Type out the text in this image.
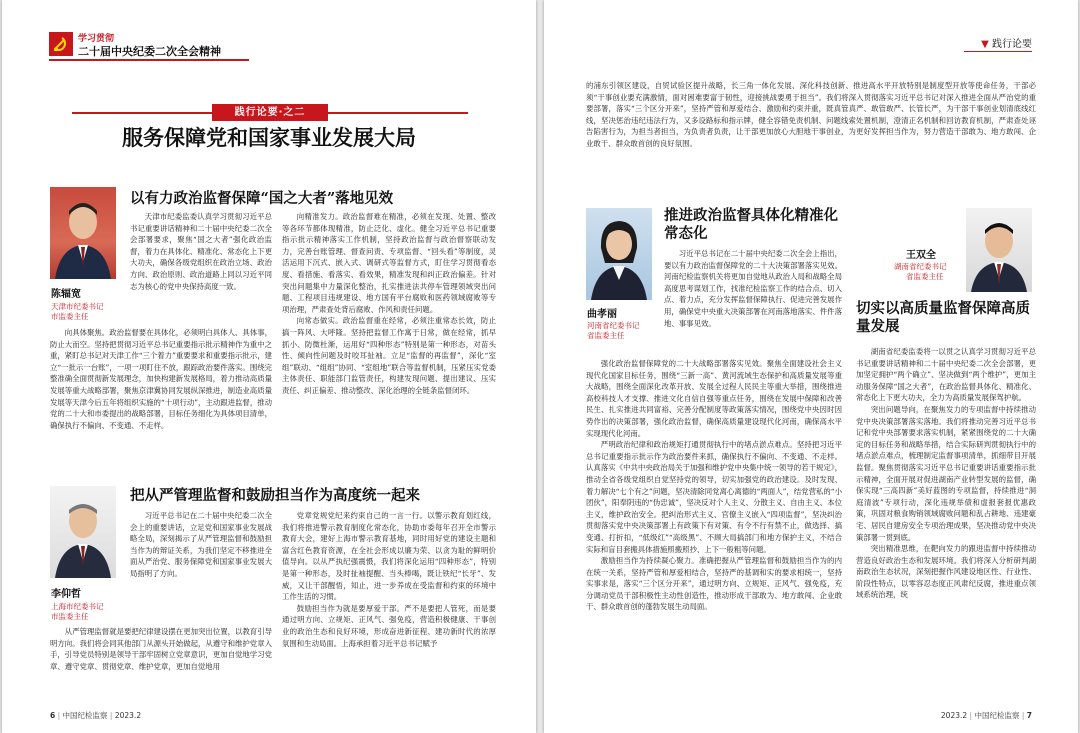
学习贯彻
二十届中央纪委二次全会精神
践行论要·之二
服务保障党和国家事业发展大局
陈辐宽
天津市纪委书记
市监委主任
以有力政治监督保障“国之大者”落地见效

天津市纪委监委认真学习贯彻习近平总书记重要讲话精神和二十届中央纪委二次全会部署要求，聚焦“国之大者”强化政治监督，着力在具体化、精准化、常态化上下更大功夫，确保各级党组织在政治立场、政治方向、政治原则、政治道路上同以习近平同志为核心的党中央保持高度一致。

向具体聚焦。政治监督要在具体化，必须明白具体人、具体事，防止大而空。坚持把贯彻习近平总书记重要指示批示精神作为重中之重，紧盯总书记对天津工作“三个着力”重要要求和重要指示批示，建立“一批示一台账”，一项一项盯住不放，跟踪政治要件落实。围绕完整准确全面贯彻新发展理念，加快构建新发展格局，着力推动高质量发展等重大战略部署，聚焦京津冀协同发展纵深推进，制造业高质量发展等天津今后五年将组织实施的“十项行动”，主动跟进监督，推动党的二十大和市委提出的战略部署，目标任务细化为具体项目清单，确保执行不偏向、不变通、不走样。

向精准发力。政治监督难在精准，必须在发现、处置、整改等各环节都体现精准，防止泛化、虚化。健全习近平总书记重要指示批示精神落实工作机制，坚持政治监督与政治督察联动发力，完善台账管理、督查问责、专项监督、“回头看”等制度，灵活运用下沉式、嵌入式、调研式等监督方式，盯住学习贯彻看态度、看措施、看落实、看效果，精准发现和纠正政治偏差。针对突出问题集中力量深化整治，扎实推进法共停车管理领域突出问题、工程项目违规建设、地方国有平台腐败和医药领域腐败等专项治理，严肃查处背后腐败、作风和责任问题。

向常态做实。政治监督重在经常，必须注重常态长效，防止搞一阵风、大呼隆。坚持把监督工作寓于日常，做在经常，抓早抓小、防微杜渐，运用好“四种形态”特别是第一种形态，对苗头性、倾向性问题及时咬耳扯袖。立足“监督的再监督”，深化“室组”联动、“组组”协同、“室组地”联合等监督机制，压紧压实党委主体责任、职能部门监管责任，构建发现问题、提出建议、压实责任、纠正偏差、推动整改、深化治理的全链条监督闭环。

李仰哲
上海市纪委书记
市监委主任
把从严管理监督和鼓励担当作为高度统一起来

习近平总书记在二十届中央纪委二次全会上的重要讲话，立足党和国家事业发展战略全局，深刻揭示了从严管理监督和鼓励担当作为的辩证关系，为我们坚定不移推进全面从严治党、服务保障党和国家事业发展大局指明了方向。

从严管理监督就是要把纪律建设摆在更加突出位置，以教育引导明方向。我们将会同其他部门从源头开始做起，从遵守和维护党章入手，引导党员特别是领导干部牢固树立党章意识，更加自觉地学习党章、遵守党章、贯彻党章、维护党章，更加自觉地用

党章党规党纪来约束自己的一言一行。以警示教育划红线，我们将推进警示教育制度化常态化，协助市委每年召开全市警示教育大会，建好上海市警示教育基地，同时用好党的建设主题和富含红色教育资源，在全社会形成以廉为荣、以贪为耻的鲜明价值导向。以从严执纪强震慑，我们将深化运用“四种形态”，特别是第一种形态，及时扯袖提醒、当头棒喝，既让铁纪“长牙”、发威，又让干部醒悟，知止，进一步养成在受监督和约束的环境中工作生活的习惯。

鼓励担当作为就是要厚爱干部。严不是要把人管死，而是要通过明方向、立规矩、正风气、强免疫，营造积极健康、干事创业的政治生态和良好环境，形成奋进新征程、建功新时代的浓厚氛围和生动局面。上海承担着习近平总书记赋予

6 | 中国纪检监察 | 2023.2
▼ 践行论要

的浦东引领区建设，自贸试验区提升战略，长三角一体化发展、深化科技创新、推进高水平开放特别是制度型开放等使命任务，干部必须“干事创业要充满激情，面对困难要富于韧性，迎接挑战要勇于担当”。我们将深入贯彻落实习近平总书记对深入推进全面从严治党的重要部署，落实“三个区分开来”，坚持严管和厚爱结合、激励和约束并重，既真管真严、敢管敢严、长管长严，为干部干事创业划清底线红线，坚决惩治违纪违法行为，又多设路标和指示牌，健全容错免责机制、问题线索处置机制，澄清正名机制和回访教育机制，严肃查处诬告陷害行为，为担当者担当，为负责者负责，让干部更加放心大胆地干事创业，为更好发挥担当作为，努力营造干部敢为、地方敢闯、企业敢干、群众敢首创的良好氛围。

曲孝丽
河南省纪委书记
省监委主任
推进政治监督具体化精准化常态化

习近平总书记在二十届中央纪委二次全会上指出，要以有力政治监督保障党的二十大决策部署落实见效。河南纪检监察机关将更加自觉地从政治人局和战略全局高度思考谋划工作，找准纪检监察工作的结合点、切入点、着力点，充分发挥监督保障执行、促进完善发展作用，确保党中央重大决策部署在河南落地落实、件件落地、事事见效。

强化政治监督保障党的二十大战略部署落实见效。聚焦全面建设社会主义现代化国家目标任务，围绕“三新一高”、黄河流域生态保护和高质量发展等重大战略，围绕全面深化改革开放、发展全过程人民民主等重大举措，围绕推进高校科技人才支撑、推进文化自信自强等重点任务，围绕在发展中保障和改善民生、扎实推进共同富裕、完善分配制度等政策落实情况，围绕党中央因时因势作出的决策部署，强化政治监督，确保高质量建设现代化河南，确保高水平实现现代化河南。

严明政治纪律和政治规矩打通贯彻执行中的堵点淤点难点。坚持把习近平总书记重要指示批示作为政治要件来抓，确保执行不偏向、不变通、不走样。认真落实《中共中央政治局关于加强和维护党中央集中统一领导的若干规定》，推动全省各级党组织自觉坚持党的领导，切实加强党的政治建设。及时发现、着力解决“七个有之”问题，坚决清除同党离心离德的“两面人”，结党营私的“小团伙”，阳奉阴违的“伪忠诚”，坚决反对个人主义、分散主义、自由主义、本位主义，维护政治安全。把纠治形式主义、官僚主义嵌入“四项监督”，坚决纠治贯彻落实党中央决策部署上有政策下有对策、有令不行有禁不止，做选择、搞变通、打折扣，“低级红”“高级黑”、不顾大局搞部门和地方保护主义，不结合实际和盲目套搬具体措施照搬照抄、上下一般粗等问题。

激励担当作为持续凝心聚力。准确把握从严管理监督和鼓励担当作为的内在统一关系，坚持严管和厚爱相结合，坚持严的基调和实的要求相统一，坚持实事求是，落实“三个区分开来”，通过明方向、立规矩、正风气、强免疫，充分调动党员干部积极性主动性创造性，推动形成干部敢为、地方敢闯、企业敢干、群众敢首创的蓬勃发展生动局面。

王双全
湖南省纪委书记
省监委主任
切实以高质量监督保障高质量发展

湖南省纪委监委将一以贯之认真学习贯彻习近平总书记重要讲话精神和二十届中央纪委二次全会部署，更加坚定拥护“两个确立”、坚决做到“两个维护”，更加主动服务保障“国之大者”，在政治监督具体化、精准化、常态化上下更大功夫，全力为高质量发展保驾护航。

突出问题导向，在聚焦发力的专项监督中持续推动党中央决策部署落实落地。我们将推动完善习近平总书记和党中央部署要求落实机制，紧紧围绕党的二十大确定的目标任务和战略举措，结合实际研判贯彻执行中的堵点淤点难点，梳理制定监督事项清单，抓细带目开展监督。聚焦贯彻落实习近平总书记重要讲话重要指示批示精神，全面开展对促进湖南产业转型发展的监督，确保实现“三高四新”美好蓝图的专项监督，持续推进“洞庭清波”专项行动，深化违规举债和虚报套报优惠政策，巩固对粮食购销领域腐败问题和乱占耕地、违建豪宅、居民自建房安全专项治理成果，坚决推动党中央决策部署一贯到底。

突出精准思维，在靶向发力的跟进监督中持续推动营造良好政治生态和发展环境。我们将深入分析研判湖南政治生态状况，深刻把握作风建设地区性、行业性、阶段性特点，以零容忍态度正风肃纪反腐，推进重点领域系统治理，统

2023.2 | 中国纪检监察 | 7
